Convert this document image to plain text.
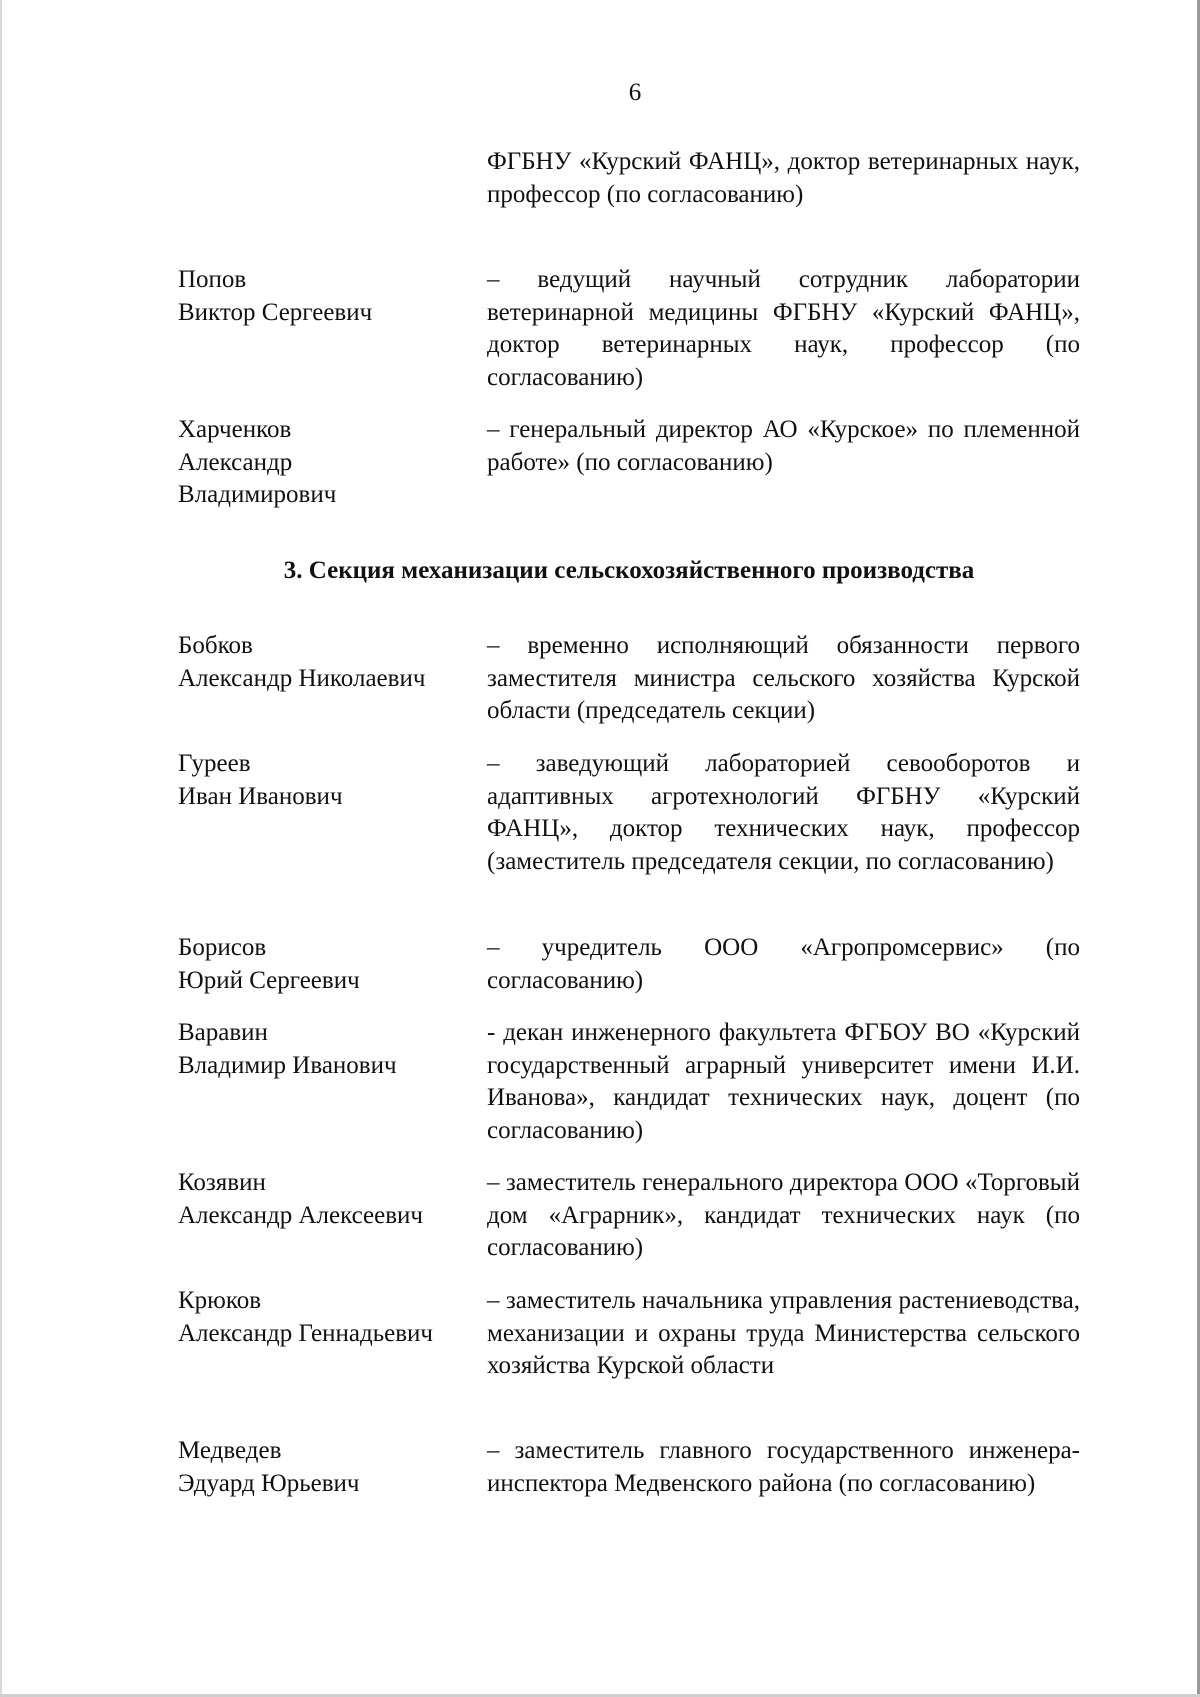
6
ФГБНУ «Курский ФАНЦ», доктор ветеринарных наук, профессор (по согласованию)
Попов
Виктор Сергеевич
– ведущий научный сотрудник лаборатории ветеринарной медицины ФГБНУ «Курский ФАНЦ», доктор ветеринарных наук, профессор (по согласованию)
Харченков
Александр
Владимирович
– генеральный директор АО «Курское» по племенной работе» (по согласованию)
3. Секция механизации сельскохозяйственного производства
Бобков
Александр Николаевич
– временно исполняющий обязанности первого заместителя министра сельского хозяйства Курской области (председатель секции)
Гуреев
Иван Иванович
– заведующий лабораторией севооборотов и адаптивных агротехнологий ФГБНУ «Курский ФАНЦ», доктор технических наук, профессор (заместитель председателя секции, по согласованию)
Борисов
Юрий Сергеевич
– учредитель ООО «Агропромсервис» (по согласованию)
Варавин
Владимир Иванович
- декан инженерного факультета ФГБОУ ВО «Курский государственный аграрный университет имени И.И. Иванова», кандидат технических наук, доцент (по согласованию)
Козявин
Александр Алексеевич
– заместитель генерального директора ООО «Торговый дом «Аграрник», кандидат технических наук (по согласованию)
Крюков
Александр Геннадьевич
– заместитель начальника управления растениеводства, механизации и охраны труда Министерства сельского хозяйства Курской области
Медведев
Эдуард Юрьевич
– заместитель главного государственного инженера-инспектора Медвенского района (по согласованию)
